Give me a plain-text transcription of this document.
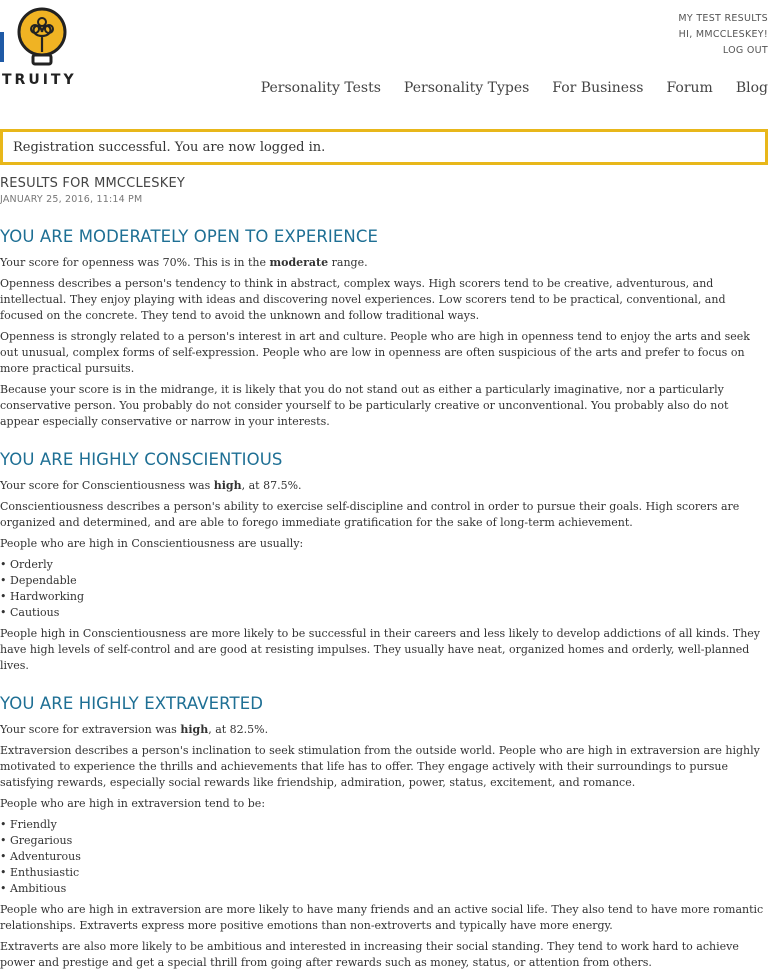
TRUITY
MY TEST RESULTS
HI, MMCCLESKEY!
LOG OUT
Personality Tests Personality Types For Business Forum Blog
Registration successful. You are now logged in.
RESULTS FOR MMCCLESKEY
JANUARY 25, 2016, 11:14 PM
YOU ARE MODERATELY OPEN TO EXPERIENCE

Your score for openness was 70%. This is in the moderate range.

Openness describes a person's tendency to think in abstract, complex ways. High scorers tend to be creative, adventurous, and intellectual. They enjoy playing with ideas and discovering novel experiences. Low scorers tend to be practical, conventional, and focused on the concrete. They tend to avoid the unknown and follow traditional ways.

Openness is strongly related to a person's interest in art and culture. People who are high in openness tend to enjoy the arts and seek out unusual, complex forms of self-expression. People who are low in openness are often suspicious of the arts and prefer to focus on more practical pursuits.

Because your score is in the midrange, it is likely that you do not stand out as either a particularly imaginative, nor a particularly conservative person. You probably do not consider yourself to be particularly creative or unconventional. You probably also do not appear especially conservative or narrow in your interests.

YOU ARE HIGHLY CONSCIENTIOUS

Your score for Conscientiousness was high, at 87.5%.

Conscientiousness describes a person's ability to exercise self-discipline and control in order to pursue their goals. High scorers are organized and determined, and are able to forego immediate gratification for the sake of long-term achievement.

People who are high in Conscientiousness are usually:

• Orderly
• Dependable
• Hardworking
• Cautious

People high in Conscientiousness are more likely to be successful in their careers and less likely to develop addictions of all kinds. They have high levels of self-control and are good at resisting impulses. They usually have neat, organized homes and orderly, well-planned lives.

YOU ARE HIGHLY EXTRAVERTED

Your score for extraversion was high, at 82.5%.

Extraversion describes a person's inclination to seek stimulation from the outside world. People who are high in extraversion are highly motivated to experience the thrills and achievements that life has to offer. They engage actively with their surroundings to pursue satisfying rewards, especially social rewards like friendship, admiration, power, status, excitement, and romance.

People who are high in extraversion tend to be:

• Friendly
• Gregarious
• Adventurous
• Enthusiastic
• Ambitious

People who are high in extraversion are more likely to have many friends and an active social life. They also tend to have more romantic relationships. Extraverts express more positive emotions than non-extroverts and typically have more energy.

Extraverts are also more likely to be ambitious and interested in increasing their social standing. They tend to work hard to achieve power and prestige and get a special thrill from going after rewards such as money, status, or attention from others.
